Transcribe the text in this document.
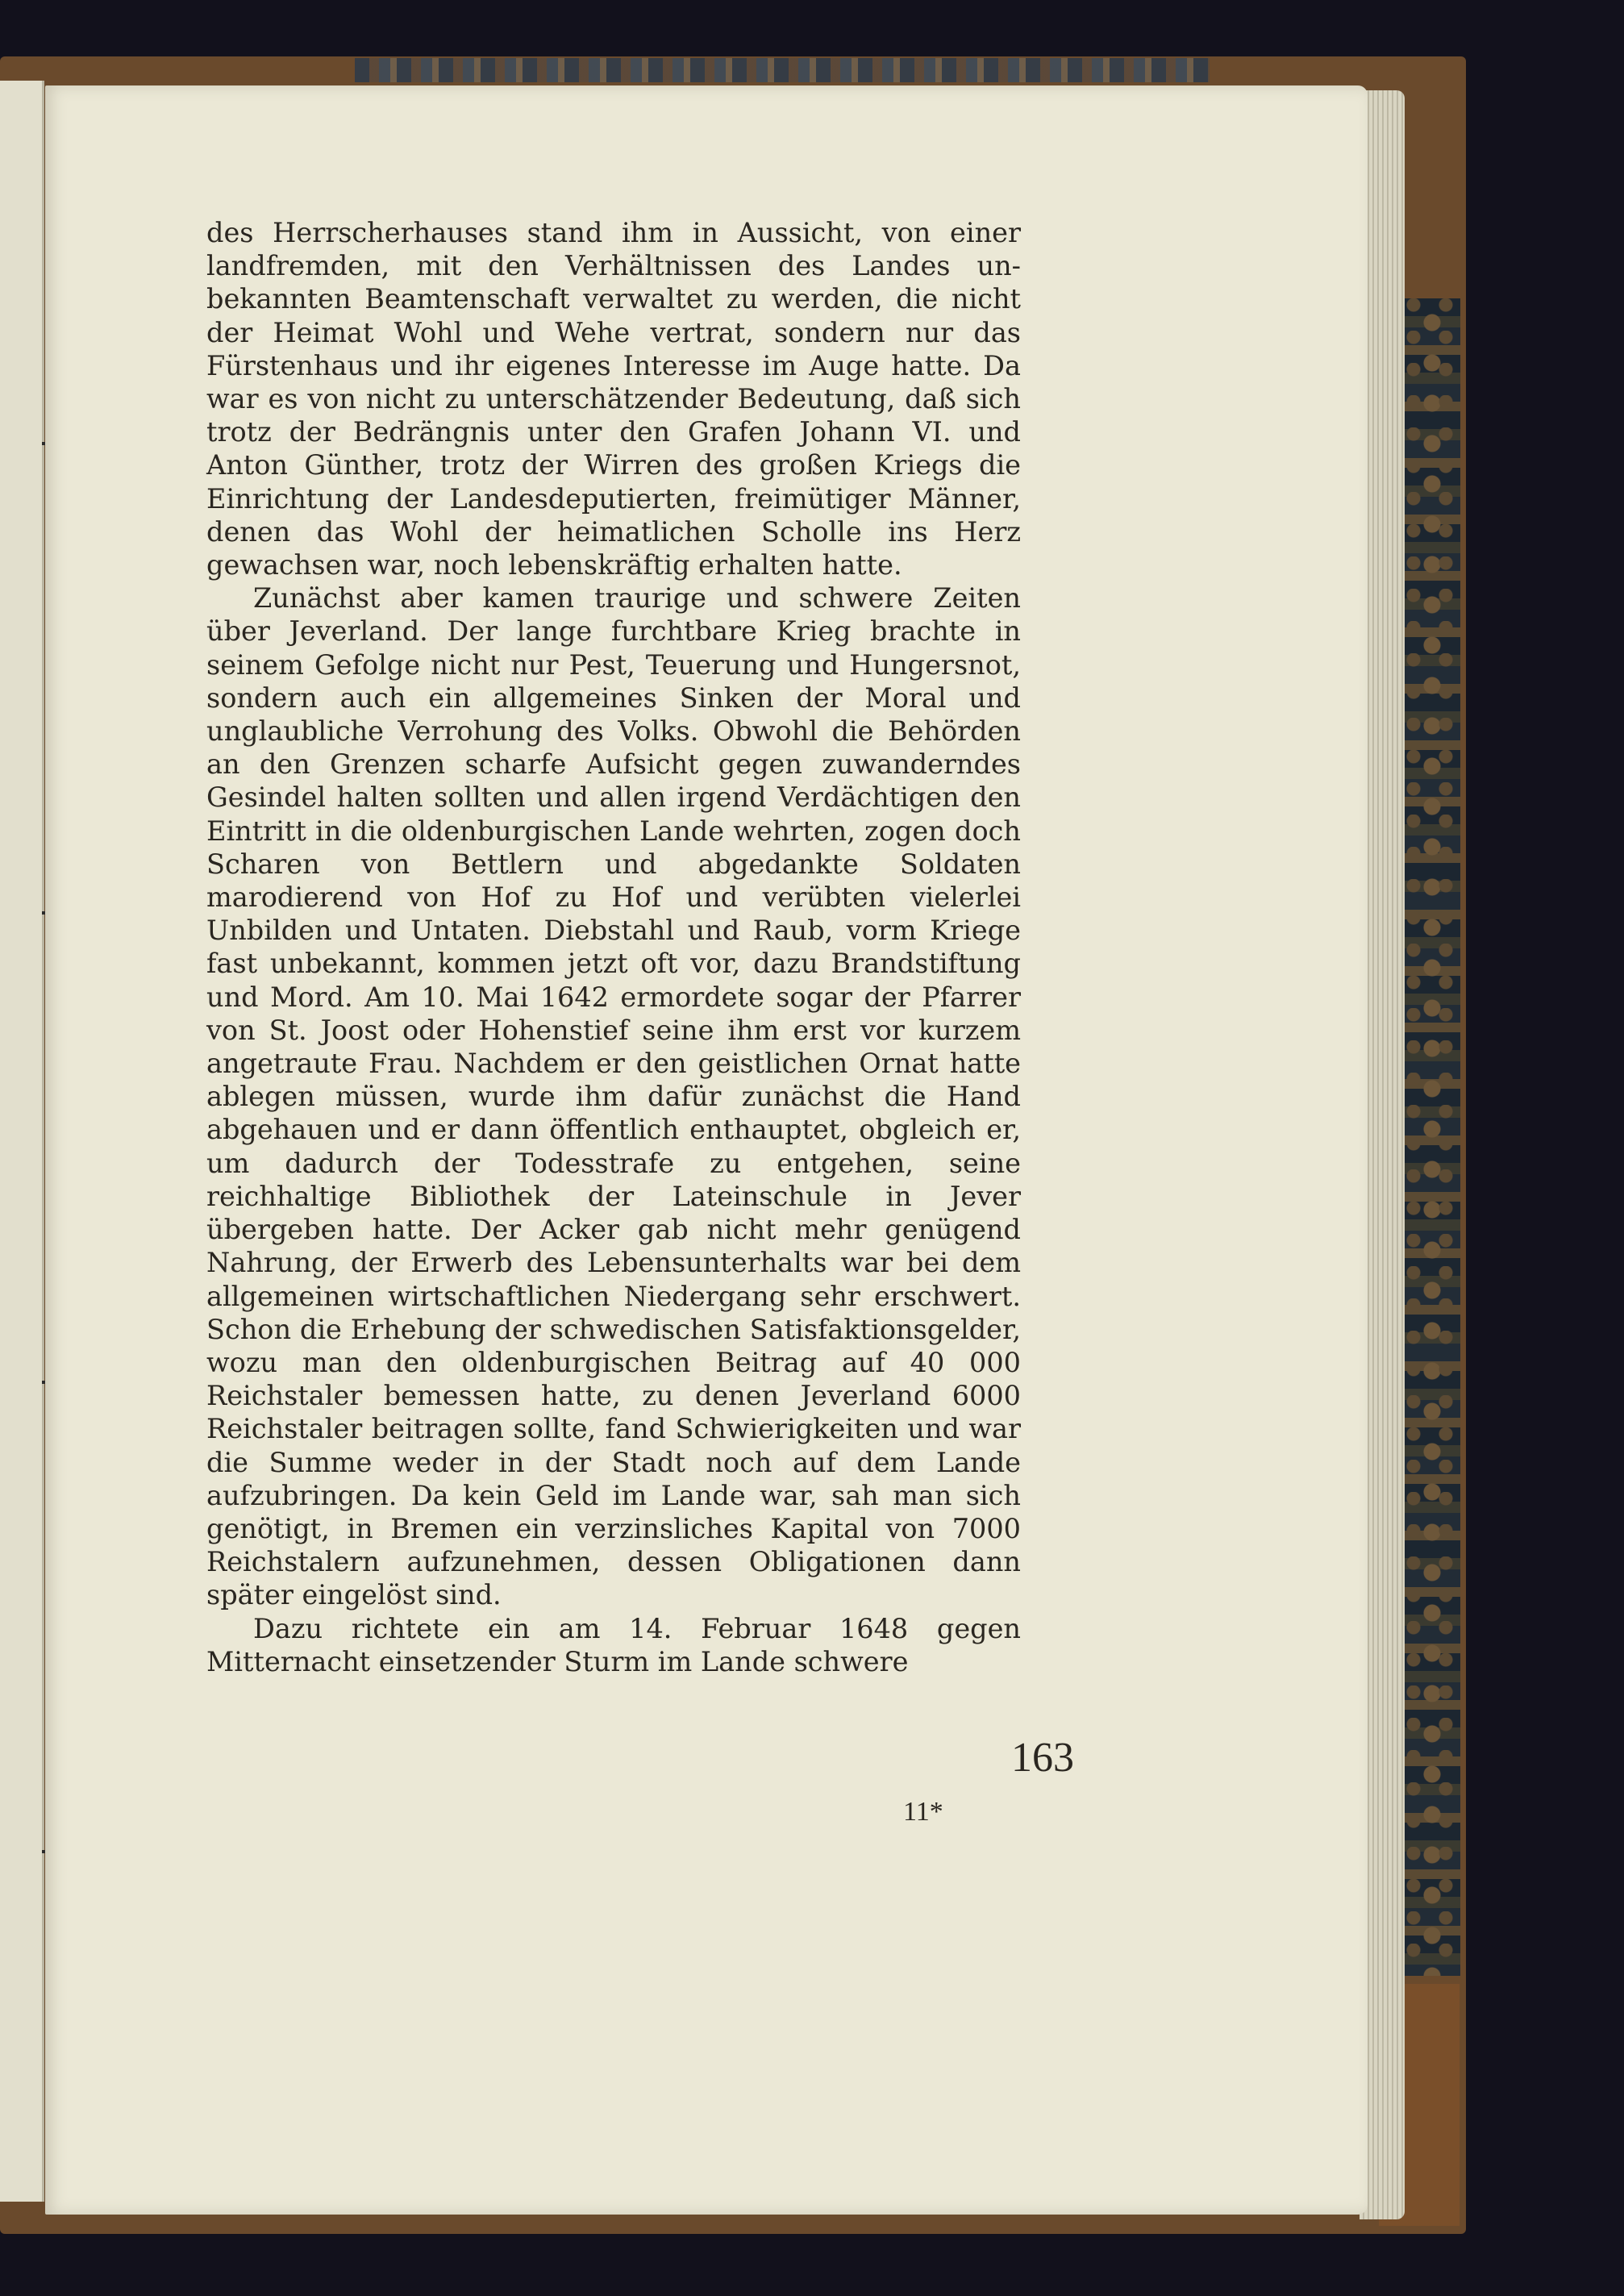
des Herrscherhauses stand ihm in Aussicht, von einer landfremden, mit den Verhältnissen des Landes unbekannten Beamtenschaft verwaltet zu werden, die nicht der Heimat Wohl und Wehe vertrat, sondern nur das Fürstenhaus und ihr eigenes Interesse im Auge hatte. Da war es von nicht zu unterschätzender Bedeutung, daß sich trotz der Bedrängnis unter den Grafen Johann VI. und Anton Günther, trotz der Wirren des großen Kriegs die Einrichtung der Landesdeputierten, freimütiger Männer, denen das Wohl der heimatlichen Scholle ins Herz gewachsen war, noch lebenskräftig erhalten hatte.

Zunächst aber kamen traurige und schwere Zeiten über Jeverland. Der lange furchtbare Krieg brachte in seinem Gefolge nicht nur Pest, Teuerung und Hungersnot, sondern auch ein allgemeines Sinken der Moral und unglaubliche Verrohung des Volks. Obwohl die Behörden an den Grenzen scharfe Aufsicht gegen zuwanderndes Gesindel halten sollten und allen irgend Verdächtigen den Eintritt in die oldenburgischen Lande wehrten, zogen doch Scharen von Bettlern und abgedankte Soldaten marodierend von Hof zu Hof und verübten vielerlei Unbilden und Untaten. Diebstahl und Raub, vorm Kriege fast unbekannt, kommen jetzt oft vor, dazu Brandstiftung und Mord. Am 10. Mai 1642 ermordete sogar der Pfarrer von St. Joost oder Hohenstief seine ihm erst vor kurzem angetraute Frau. Nachdem er den geistlichen Ornat hatte ablegen müssen, wurde ihm dafür zunächst die Hand abgehauen und er dann öffentlich enthauptet, obgleich er, um dadurch der Todesstrafe zu entgehen, seine reichhaltige Bibliothek der Lateinschule in Jever übergeben hatte. Der Acker gab nicht mehr genügend Nahrung, der Erwerb des Lebensunterhalts war bei dem allgemeinen wirtschaftlichen Niedergang sehr erschwert. Schon die Erhebung der schwedischen Satisfaktionsgelder, wozu man den oldenburgischen Beitrag auf 40 000 Reichstaler bemessen hatte, zu denen Jeverland 6000 Reichstaler beitragen sollte, fand Schwierigkeiten und war die Summe weder in der Stadt noch auf dem Lande aufzubringen. Da kein Geld im Lande war, sah man sich genötigt, in Bremen ein verzinsliches Kapital von 7000 Reichstalern aufzunehmen, dessen Obligationen dann später eingelöst sind.

Dazu richtete ein am 14. Februar 1648 gegen Mitternacht einsetzender Sturm im Lande schwere

163
11*
